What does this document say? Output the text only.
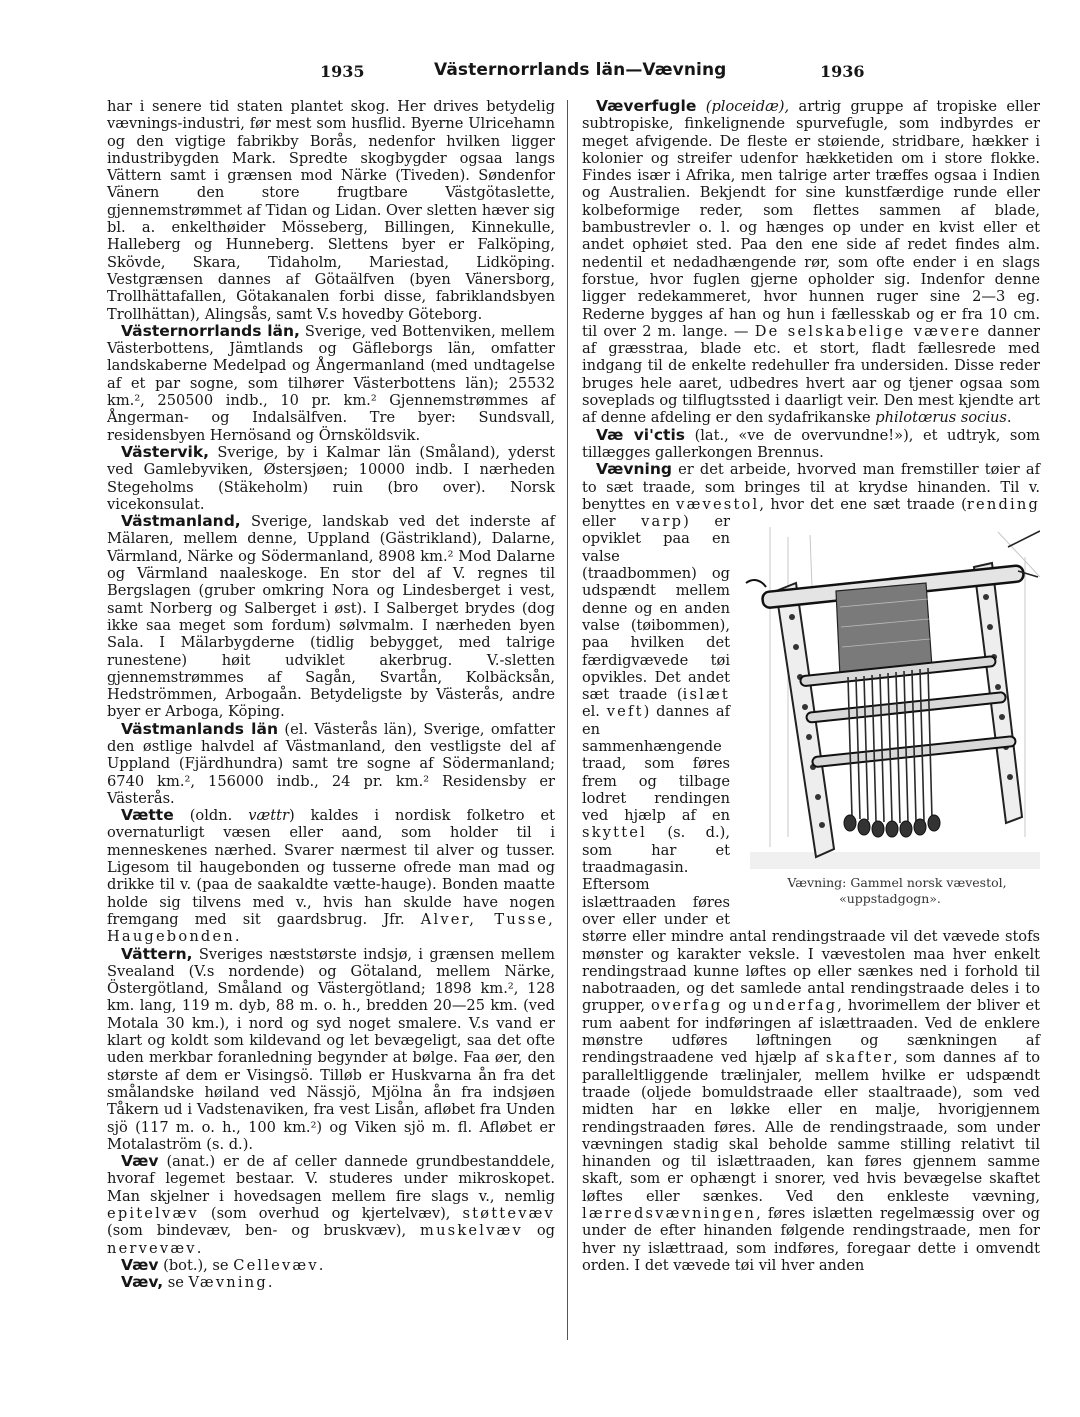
1935	Västernorrlands län—Vævning	1936

har i senere tid staten plantet skog. Her drives betydelig vævnings-industri, før mest som husflid. Byerne Ulricehamn og den vigtige fabrikby Borås, nedenfor hvilken ligger industribygden Mark. Spredte skogbygder ogsaa langs Vättern samt i grænsen mod Närke (Tiveden). Søndenfor Vänern den store frugtbare Västgötaslette, gjennemstrømmet af Tidan og Lidan. Over sletten hæver sig bl. a. enkelthøider Mösseberg, Billingen, Kinnekulle, Halleberg og Hunneberg. Slettens byer er Falköping, Skövde, Skara, Tidaholm, Mariestad, Lidköping. Vestgrænsen dannes af Götaälfven (byen Vänersborg, Trollhättafallen, Götakanalen forbi disse, fabriklandsbyen Trollhättan), Alingsås, samt V.s hovedby Göteborg.

Västernorrlands län, Sverige, ved Bottenviken, mellem Västerbottens, Jämtlands og Gäfleborgs län, omfatter landskaberne Medelpad og Ångermanland (med undtagelse af et par sogne, som tilhører Västerbottens län); 25532 km.², 250500 indb., 10 pr. km.² Gjennemstrømmes af Ångerman- og Indalsälfven. Tre byer: Sundsvall, residensbyen Hernösand og Örnsköldsvik.

Västervik, Sverige, by i Kalmar län (Småland), yderst ved Gamlebyviken, Østersjøen; 10000 indb. I nærheden Stegeholms (Stäkeholm) ruin (bro over). Norsk vicekonsulat.

Västmanland, Sverige, landskab ved det inderste af Mälaren, mellem denne, Uppland (Gästrikland), Dalarne, Värmland, Närke og Södermanland, 8908 km.² Mod Dalarne og Värmland naaleskoge. En stor del af V. regnes til Bergslagen (gruber omkring Nora og Lindesberget i vest, samt Norberg og Salberget i øst). I Salberget brydes (dog ikke saa meget som fordum) sølvmalm. I nærheden byen Sala. I Mälarbygderne (tidlig bebygget, med talrige runestene) høit udviklet akerbrug. V.-sletten gjennemstrømmes af Sagån, Svartån, Kolbäcksån, Hedströmmen, Arbogaån. Betydeligste by Västerås, andre byer er Arboga, Köping.

Västmanlands län (el. Västerås län), Sverige, omfatter den østlige halvdel af Västmanland, den vestligste del af Uppland (Fjärdhundra) samt tre sogne af Södermanland; 6740 km.², 156000 indb., 24 pr. km.² Residensby er Västerås.

Vætte (oldn. vættr) kaldes i nordisk folketro et overnaturligt væsen eller aand, som holder til i menneskenes nærhed. Svarer nærmest til alver og tusser. Ligesom til haugebonden og tusserne ofrede man mad og drikke til v. (paa de saakaldte vætte-hauge). Bonden maatte holde sig tilvens med v., hvis han skulde have nogen fremgang med sit gaardsbrug. Jfr. Alver, Tusse, Haugebonden.

Vättern, Sveriges næststørste indsjø, i grænsen mellem Svealand (V.s nordende) og Götaland, mellem Närke, Östergötland, Småland og Västergötland; 1898 km.², 128 km. lang, 119 m. dyb, 88 m. o. h., bredden 20—25 km. (ved Motala 30 km.), i nord og syd noget smalere. V.s vand er klart og koldt som kildevand og let bevægeligt, saa det ofte uden merkbar foranledning begynder at bølge. Faa øer, den største af dem er Visingsö. Tilløb er Huskvarna ån fra det smålandske høiland ved Nässjö, Mjölna ån fra indsjøen Tåkern ud i Vadstenaviken, fra vest Lisån, afløbet fra Unden sjö (117 m. o. h., 100 km.²) og Viken sjö m. fl. Afløbet er Motalaström (s. d.).

Væv (anat.) er de af celler dannede grundbestanddele, hvoraf legemet bestaar. V. studeres under mikroskopet. Man skjelner i hovedsagen mellem fire slags v., nemlig epitelvæv (som overhud og kjertelvæv), støttevæv (som bindevæv, ben- og bruskvæv), muskelvæv og nervevæv.

Væv (bot.), se Cellevæv.

Væv, se Vævning.

Væverfugle (ploceidæ), artrig gruppe af tropiske eller subtropiske, finkelignende spurvefugle, som indbyrdes er meget afvigende. De fleste er støiende, stridbare, hækker i kolonier og streifer udenfor hækketiden om i store flokke. Findes især i Afrika, men talrige arter træffes ogsaa i Indien og Australien. Bekjendt for sine kunstfærdige runde eller kolbeformige reder, som flettes sammen af blade, bambustrevler o. l. og hænges op under en kvist eller et andet ophøiet sted. Paa den ene side af redet findes alm. nedentil et nedadhængende rør, som ofte ender i en slags forstue, hvor fuglen gjerne opholder sig. Indenfor denne ligger redekammeret, hvor hunnen ruger sine 2—3 eg. Rederne bygges af han og hun i fællesskab og er fra 10 cm. til over 2 m. lange. — De selskabelige vævere danner af græsstraa, blade etc. et stort, fladt fællesrede med indgang til de enkelte redehuller fra undersiden. Disse reder bruges hele aaret, udbedres hvert aar og tjener ogsaa som soveplads og tilflugtssted i daarligt veir. Den mest kjendte art af denne afdeling er den sydafrikanske philotœrus socius.

Væ vi'ctis (lat., «ve de overvundne!»), et udtryk, som tillægges gallerkongen Brennus.

Vævning er det arbeide, hvorved man fremstiller tøier af to sæt traade, som bringes til at krydse hinanden. Til v. benyttes en vævestol, hvor det ene sæt traade (
Vævning: Gammel norsk vævestol,
«uppstadgogn».
rending eller varp) er opviklet paa en valse (traadbommen) og udspændt mellem denne og en anden valse (tøibommen), paa hvilken det færdigvævede tøi opvikles. Det andet sæt traade (islæt el. veft) dannes af en sammenhængende traad, som føres frem og tilbage lodret rendingen ved hjælp af en skyttel (s. d.), som har et traadmagasin. Eftersom islættraaden føres over eller under et større eller mindre antal rendingstraade vil det vævede stofs mønster og karakter veksle. I vævestolen maa hver enkelt rendingstraad kunne løftes op eller sænkes ned i forhold til nabotraaden, og det samlede antal rendingstraade deles i to grupper, overfag og underfag, hvorimellem der bliver et rum aabent for indføringen af islættraaden. Ved de enklere mønstre udføres løftningen og sænkningen af rendingstraadene ved hjælp af skafter, som dannes af to paralleltliggende trælinjaler, mellem hvilke er udspændt traade (oljede bomuldstraade eller staaltraade), som ved midten har en løkke eller en malje, hvorigjennem rendingstraaden føres. Alle de rendingstraade, som under vævningen stadig skal beholde samme stilling relativt til hinanden og til islættraaden, kan føres gjennem samme skaft, som er ophængt i snorer, ved hvis bevægelse skaftet løftes eller sænkes. Ved den enkleste vævning, lærredsvævningen, føres islætten regelmæssig over og under de efter hinanden følgende rendingstraade, men for hver ny islættraad, som indføres, foregaar dette i omvendt orden. I det vævede tøi vil hver anden
